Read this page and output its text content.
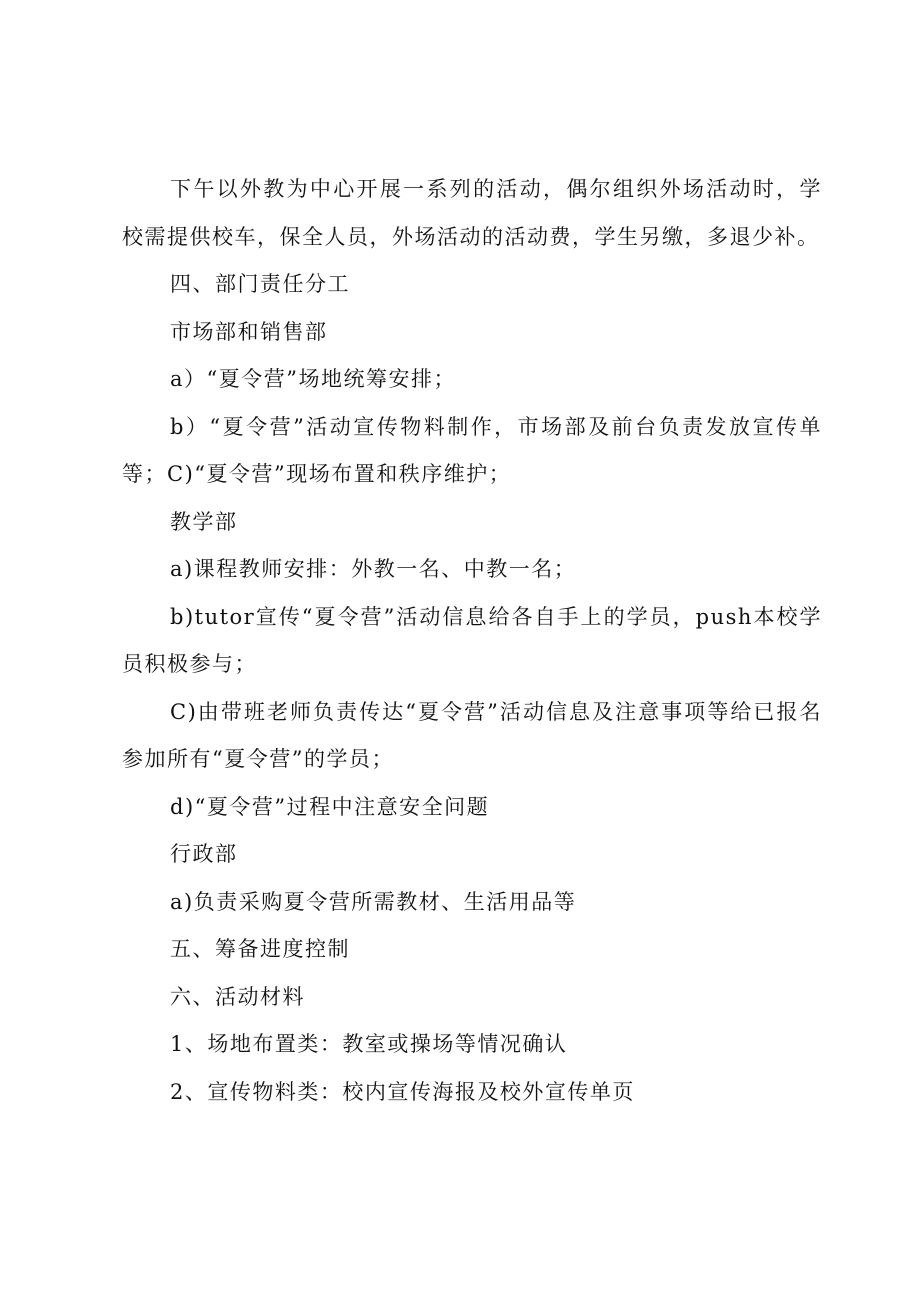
下午以外教为中心开展一系列的活动，偶尔组织外场活动时，学校需提供校车，保全人员，外场活动的活动费，学生另缴，多退少补。

四、部门责任分工

市场部和销售部

a）“夏令营”场地统筹安排；

b）“夏令营”活动宣传物料制作，市场部及前台负责发放宣传单等；C)“夏令营”现场布置和秩序维护；

教学部

a)课程教师安排：外教一名、中教一名；

b)tutor宣传“夏令营”活动信息给各自手上的学员，push本校学员积极参与；

C)由带班老师负责传达“夏令营”活动信息及注意事项等给已报名参加所有“夏令营”的学员；

d)“夏令营”过程中注意安全问题

行政部

a)负责采购夏令营所需教材、生活用品等

五、筹备进度控制

六、活动材料

1、场地布置类：教室或操场等情况确认

2、宣传物料类：校内宣传海报及校外宣传单页
